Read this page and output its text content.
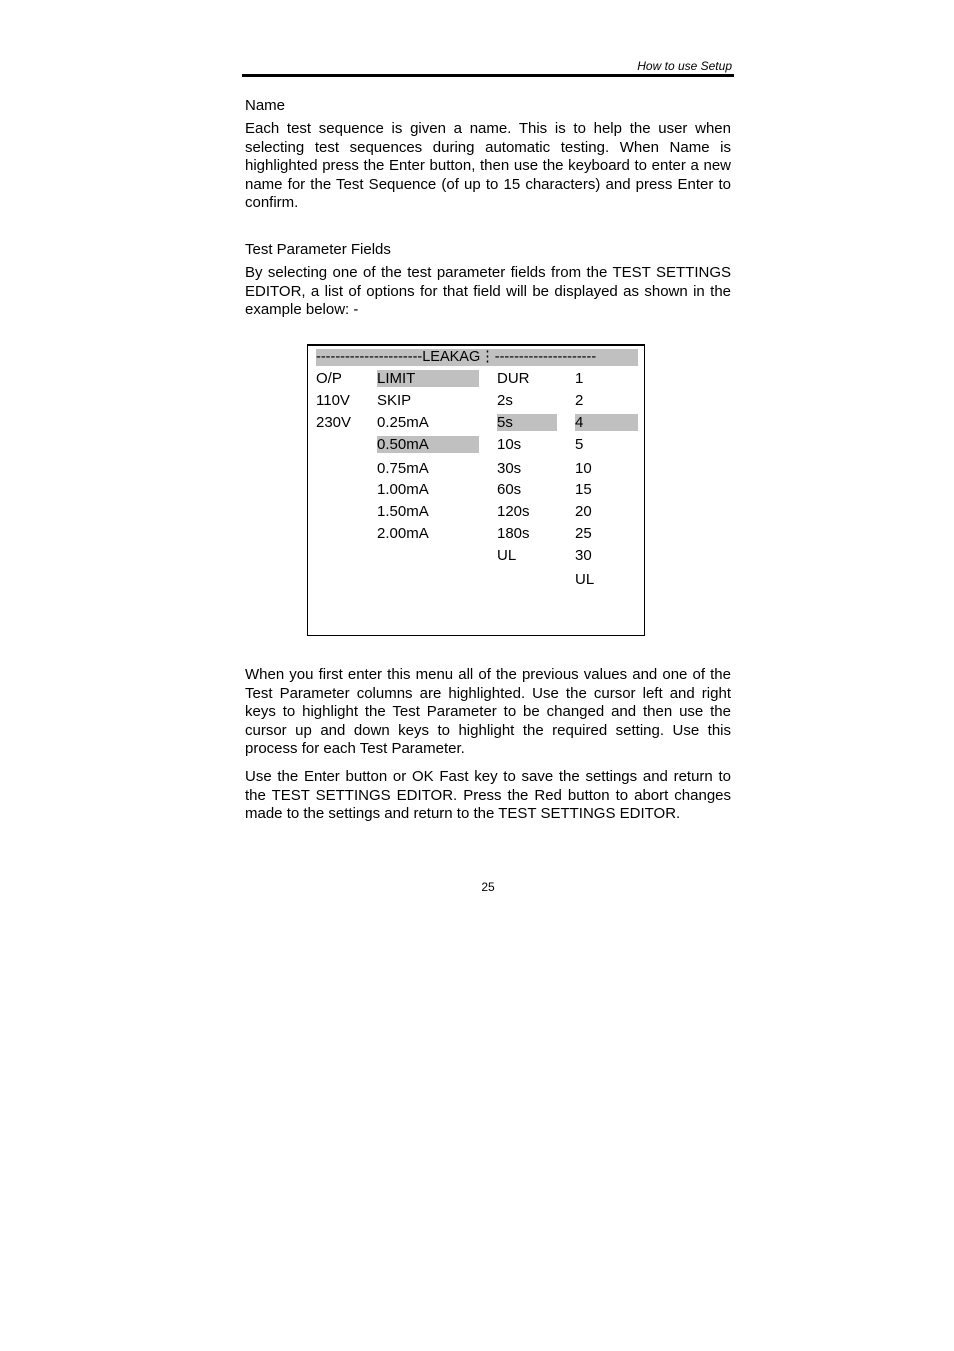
How to use Setup
Name

Each test sequence is given a name. This is to help the user when selecting test sequences during automatic testing. When Name is highlighted press the Enter button, then use the keyboard to enter a new name for the Test Sequence (of up to 15 characters) and press Enter to confirm.

Test Parameter Fields

By selecting one of the test parameter fields from the TEST SETTINGS EDITOR, a list of options for that field will be displayed as shown in the example below: -

----------------------LEAKAG⋮---------------------
O/P
110V
230V
LIMIT
SKIP
0.25mA
0.50mA
0.75mA
1.00mA
1.50mA
2.00mA
DUR
2s
5s
10s
30s
60s
120s
180s
UL
1
2
4
5
10
15
20
25
30
UL

When you first enter this menu all of the previous values and one of the Test Parameter columns are highlighted. Use the cursor left and right keys to highlight the Test Parameter to be changed and then use the cursor up and down keys to highlight the required setting. Use this process for each Test Parameter.

Use the Enter button or OK Fast key to save the settings and return to the TEST SETTINGS EDITOR. Press the Red button to abort changes made to the settings and return to the TEST SETTINGS EDITOR.

25
